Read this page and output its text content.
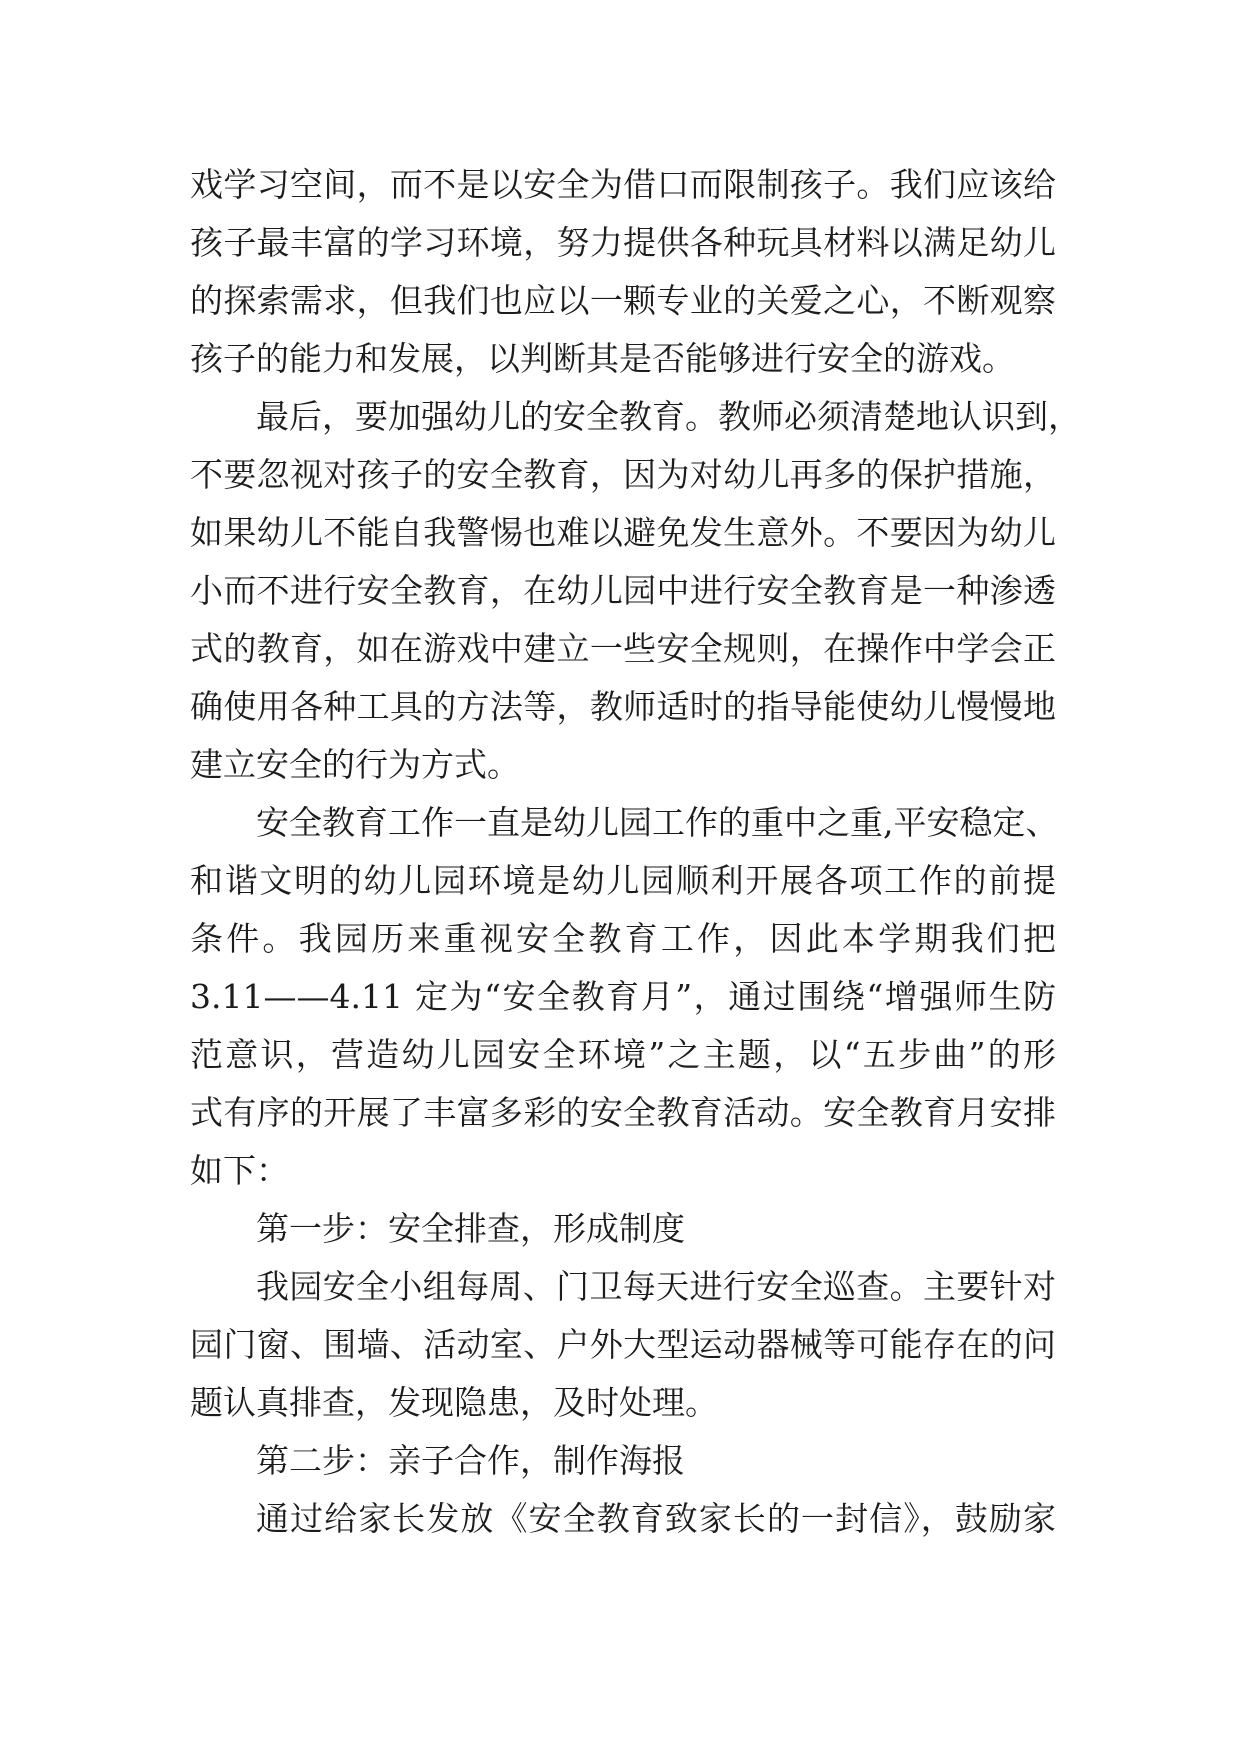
戏学习空间，而不是以安全为借口而限制孩子。我们应该给
孩子最丰富的学习环境，努力提供各种玩具材料以满足幼儿
的探索需求，但我们也应以一颗专业的关爱之心，不断观察
孩子的能力和发展，以判断其是否能够进行安全的游戏。
最后，要加强幼儿的安全教育。教师必须清楚地认识到，
不要忽视对孩子的安全教育，因为对幼儿再多的保护措施，
如果幼儿不能自我警惕也难以避免发生意外。不要因为幼儿
小而不进行安全教育，在幼儿园中进行安全教育是一种渗透
式的教育，如在游戏中建立一些安全规则，在操作中学会正
确使用各种工具的方法等，教师适时的指导能使幼儿慢慢地
建立安全的行为方式。
安全教育工作一直是幼儿园工作的重中之重,平安稳定、
和谐文明的幼儿园环境是幼儿园顺利开展各项工作的前提
条件。我园历来重视安全教育工作，因此本学期我们把
3.11——4.11 定为“安全教育月”，通过围绕“增强师生防
范意识，营造幼儿园安全环境”之主题，以“五步曲”的形
式有序的开展了丰富多彩的安全教育活动。安全教育月安排
如下：
第一步：安全排查，形成制度
我园安全小组每周、门卫每天进行安全巡查。主要针对
园门窗、围墙、活动室、户外大型运动器械等可能存在的问
题认真排查，发现隐患，及时处理。
第二步：亲子合作，制作海报
通过给家长发放《安全教育致家长的一封信》，鼓励家
